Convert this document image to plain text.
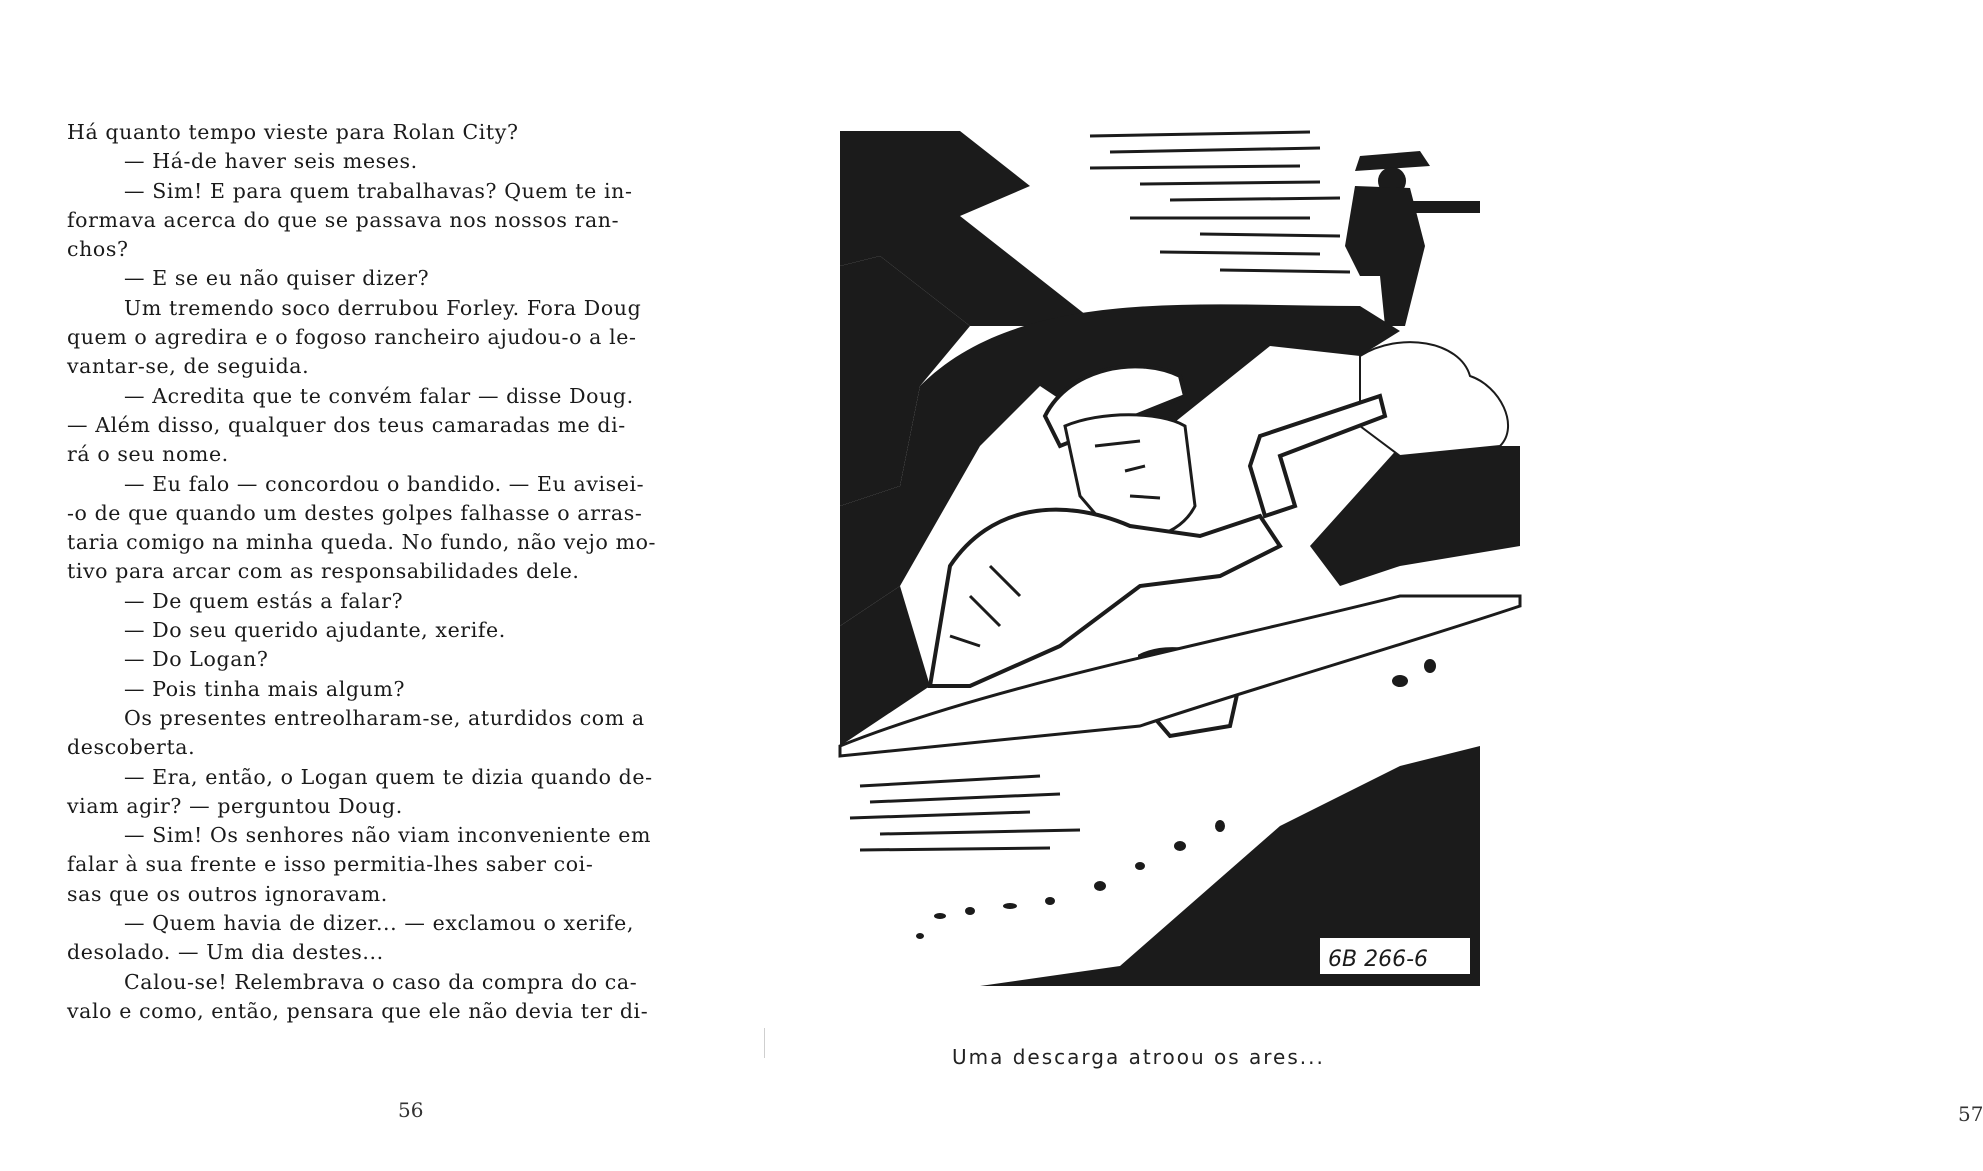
Há quanto tempo vieste para Rolan City?
— Há-de haver seis meses.
— Sim! E para quem trabalhavas? Quem te in-
formava acerca do que se passava nos nossos ran-
chos?
— E se eu não quiser dizer?
Um tremendo soco derrubou Forley. Fora Doug
quem o agredira e o fogoso rancheiro ajudou-o a le-
vantar-se, de seguida.
— Acredita que te convém falar — disse Doug.
— Além disso, qualquer dos teus camaradas me di-
rá o seu nome.
— Eu falo — concordou o bandido. — Eu avisei-
-o de que quando um destes golpes falhasse o arras-
taria comigo na minha queda. No fundo, não vejo mo-
tivo para arcar com as responsabilidades dele.
— De quem estás a falar?
— Do seu querido ajudante, xerife.
— Do Logan?
— Pois tinha mais algum?
Os presentes entreolharam-se, aturdidos com a
descoberta.
— Era, então, o Logan quem te dizia quando de-
viam agir? — perguntou Doug.
— Sim! Os senhores não viam inconveniente em
falar à sua frente e isso permitia-lhes saber coi-
sas que os outros ignoravam.
— Quem havia de dizer... — exclamou o xerife,
desolado. — Um dia destes...
Calou-se! Relembrava o caso da compra do ca-
valo e como, então, pensara que ele não devia ter di-
56	57
6B 266-6
Uma descarga atroou os ares...
